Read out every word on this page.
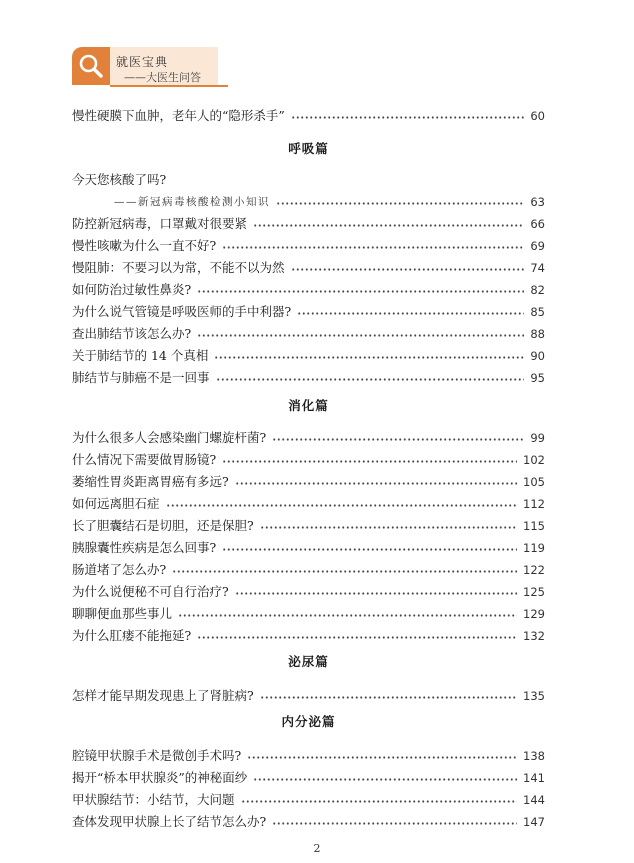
就医宝典
——大医生问答
慢性硬膜下血肿，老年人的“隐形杀手”	60
呼吸篇
今天您核酸了吗?
——新冠病毒核酸检测小知识	63
防控新冠病毒，口罩戴对很要紧	66
慢性咳嗽为什么一直不好?	69
慢阻肺：不要习以为常，不能不以为然	74
如何防治过敏性鼻炎?	82
为什么说气管镜是呼吸医师的手中利器?	85
查出肺结节该怎么办?	88
关于肺结节的 14 个真相	90
肺结节与肺癌不是一回事	95
消化篇
为什么很多人会感染幽门螺旋杆菌?	99
什么情况下需要做胃肠镜?	102
萎缩性胃炎距离胃癌有多远?	105
如何远离胆石症	112
长了胆囊结石是切胆，还是保胆?	115
胰腺囊性疾病是怎么回事?	119
肠道堵了怎么办?	122
为什么说便秘不可自行治疗?	125
聊聊便血那些事儿	129
为什么肛瘘不能拖延?	132
泌尿篇
怎样才能早期发现患上了肾脏病?	135
内分泌篇
腔镜甲状腺手术是微创手术吗?	138
揭开“桥本甲状腺炎”的神秘面纱	141
甲状腺结节：小结节，大问题	144
查体发现甲状腺上长了结节怎么办?	147
2
